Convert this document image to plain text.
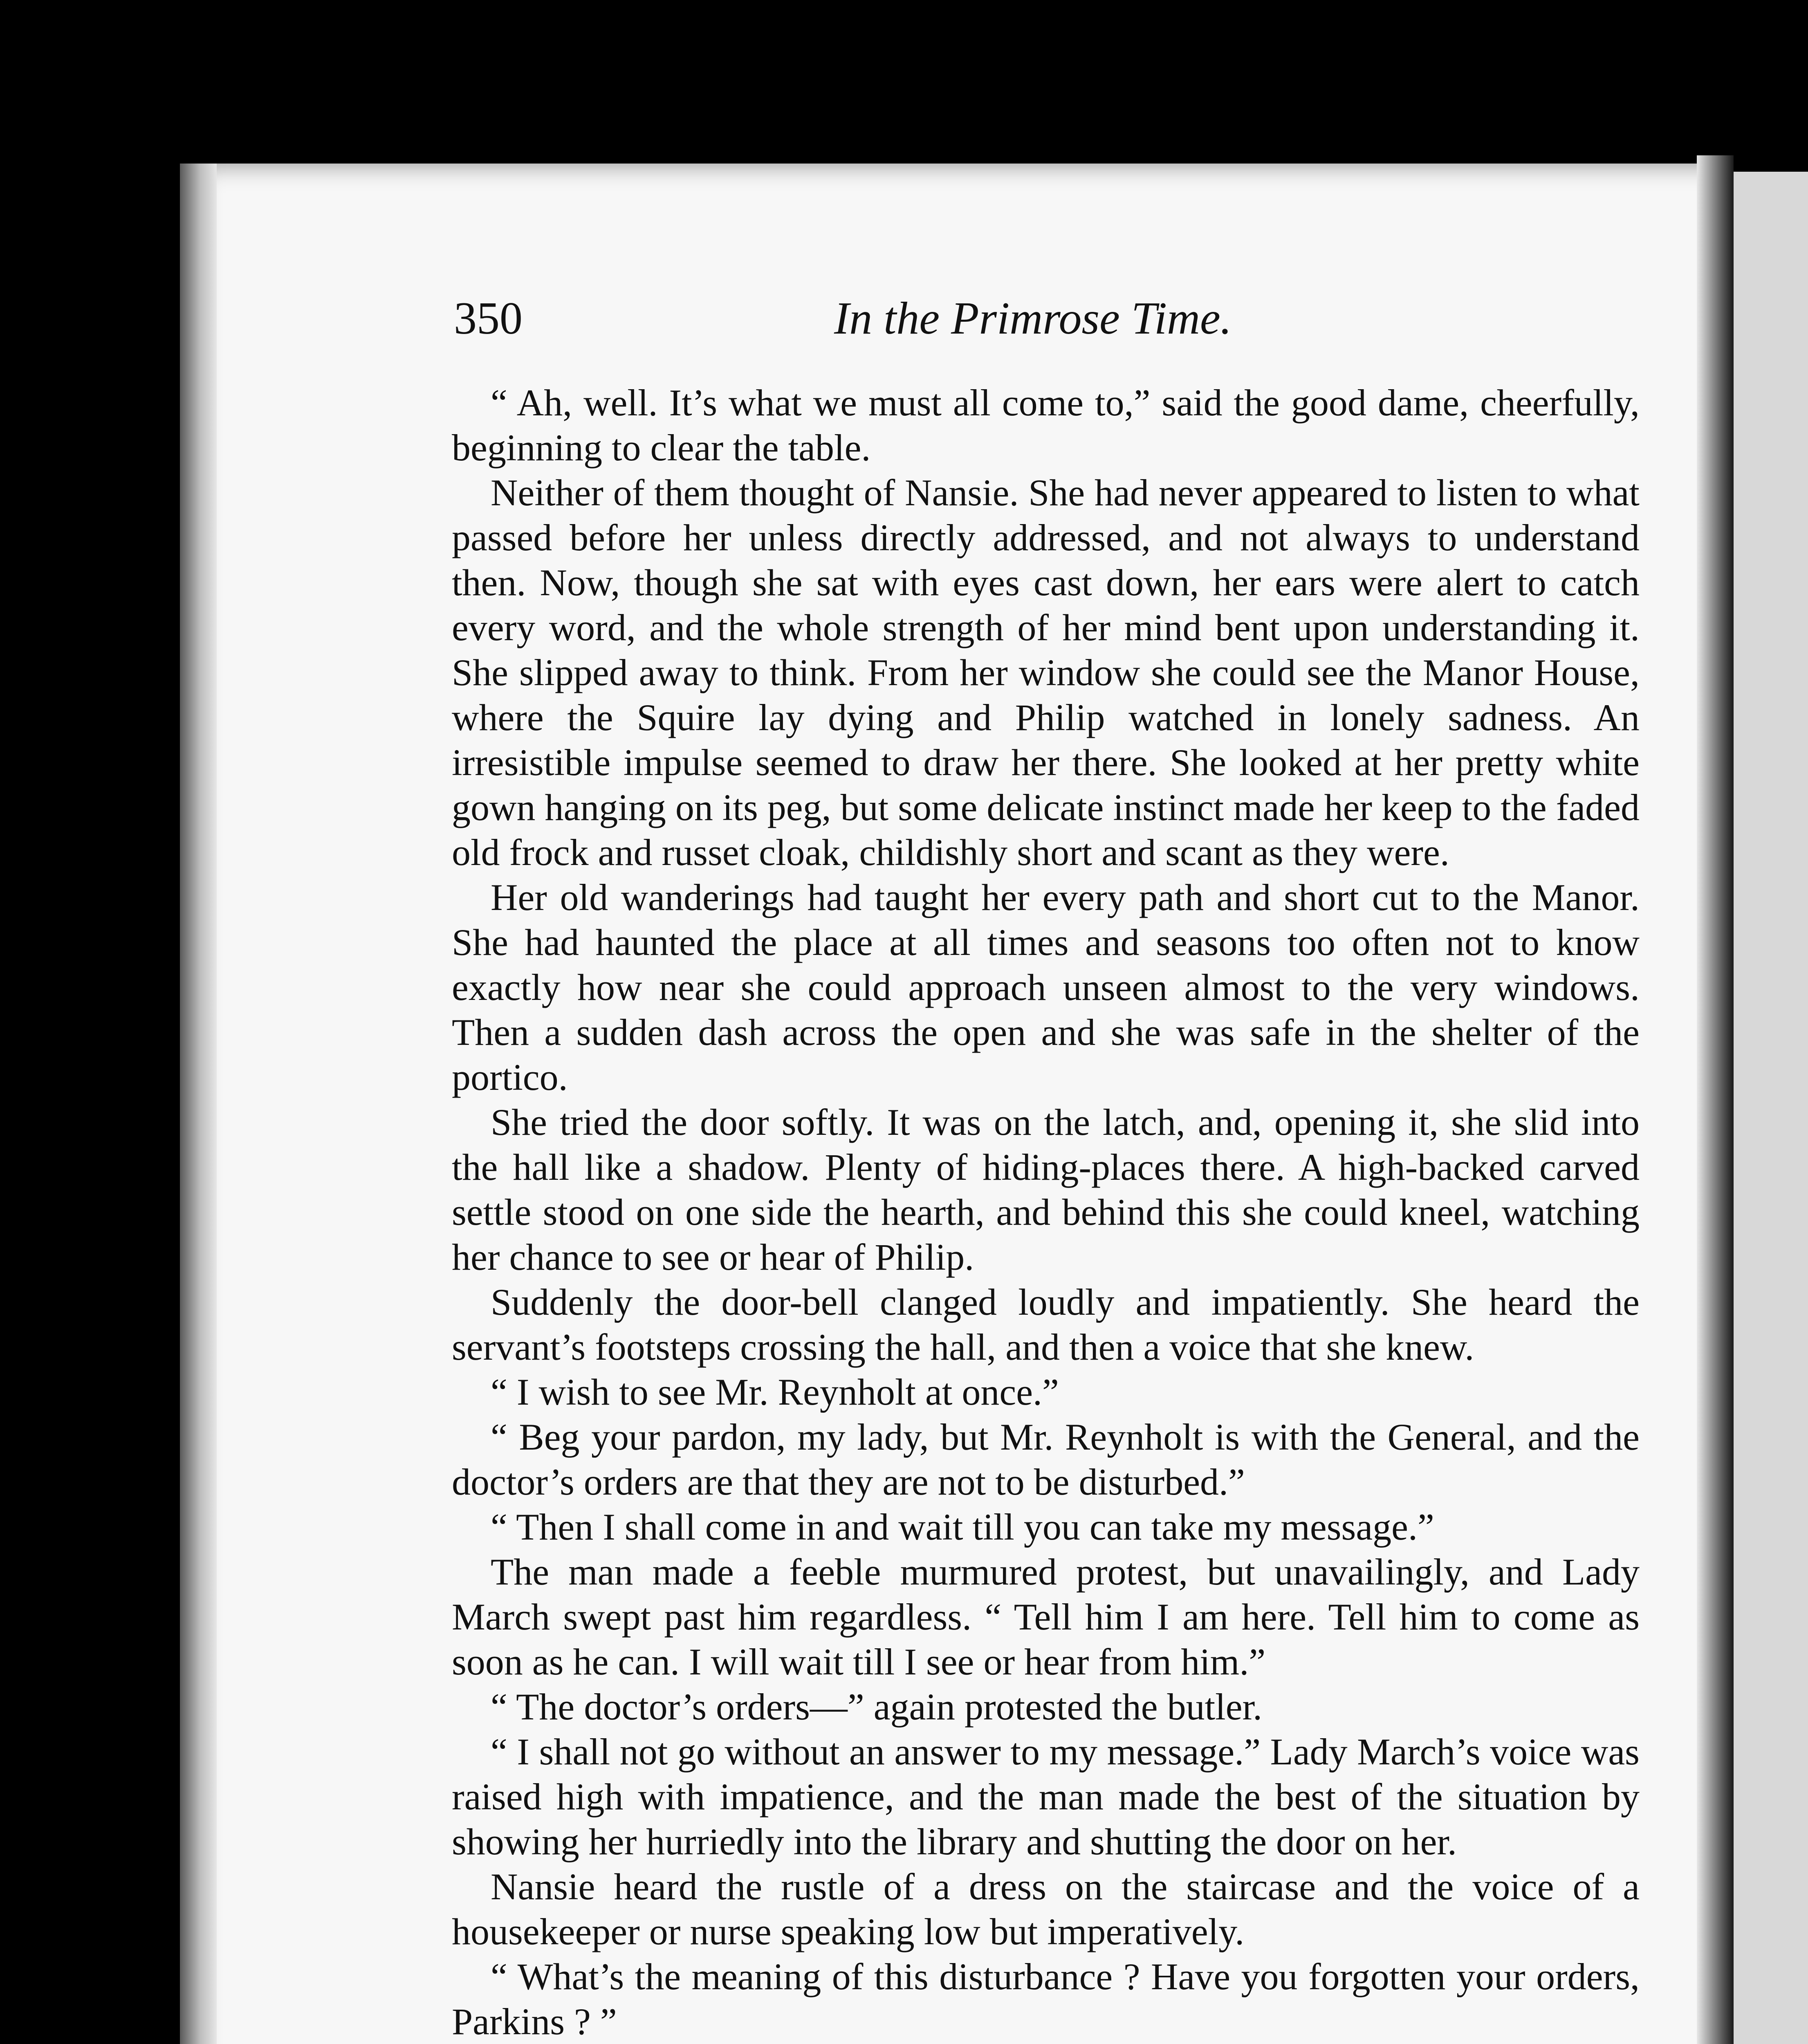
350	In the Primrose Time.

“ Ah, well. It’s what we must all come to,” said the good dame, cheerfully, beginning to clear the table.

Neither of them thought of Nansie. She had never appeared to listen to what passed before her unless directly addressed, and not always to understand then. Now, though she sat with eyes cast down, her ears were alert to catch every word, and the whole strength of her mind bent upon understanding it. She slipped away to think. From her window she could see the Manor House, where the Squire lay dying and Philip watched in lonely sadness. An irresistible impulse seemed to draw her there. She looked at her pretty white gown hanging on its peg, but some delicate instinct made her keep to the faded old frock and russet cloak, childishly short and scant as they were.

Her old wanderings had taught her every path and short cut to the Manor. She had haunted the place at all times and seasons too often not to know exactly how near she could approach unseen almost to the very windows. Then a sudden dash across the open and she was safe in the shelter of the portico.

She tried the door softly. It was on the latch, and, opening it, she slid into the hall like a shadow. Plenty of hiding-places there. A high-backed carved settle stood on one side the hearth, and behind this she could kneel, watching her chance to see or hear of Philip.

Suddenly the door-bell clanged loudly and impatiently. She heard the servant’s footsteps crossing the hall, and then a voice that she knew.

“ I wish to see Mr. Reynholt at once.”

“ Beg your pardon, my lady, but Mr. Reynholt is with the General, and the doctor’s orders are that they are not to be disturbed.”

“ Then I shall come in and wait till you can take my message.”

The man made a feeble murmured protest, but unavailingly, and Lady March swept past him regardless. “ Tell him I am here. Tell him to come as soon as he can. I will wait till I see or hear from him.”

“ The doctor’s orders—” again protested the butler.

“ I shall not go without an answer to my message.” Lady March’s voice was raised high with impatience, and the man made the best of the situation by showing her hurriedly into the library and shutting the door on her.

Nansie heard the rustle of a dress on the staircase and the voice of a housekeeper or nurse speaking low but imperatively.

“ What’s the meaning of this disturbance ? Have you forgotten your orders, Parkins ? ”
